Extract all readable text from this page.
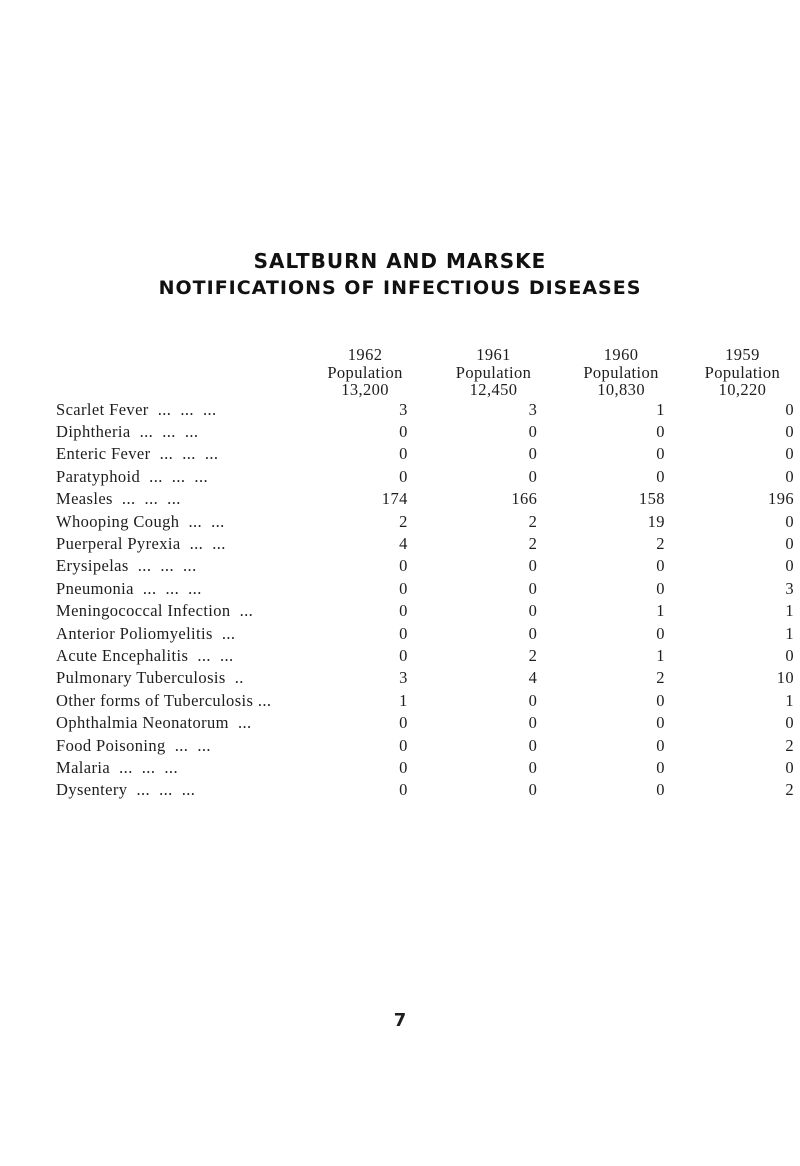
SALTBURN AND MARSKE
NOTIFICATIONS OF INFECTIOUS DISEASES
	1962	1961	1960	1959
	Population	Population	Population	Population
	13,200	12,450	10,830	10,220
Scarlet Fever  ...  ...  ...	3	3	1	0
Diphtheria  ...  ...  ...	0	0	0	0
Enteric Fever  ...  ...  ...	0	0	0	0
Paratyphoid  ...  ...  ...	0	0	0	0
Measles  ...  ...  ...	174	166	158	196
Whooping Cough  ...  ...	2	2	19	0
Puerperal Pyrexia  ...  ...	4	2	2	0
Erysipelas  ...  ...  ...	0	0	0	0
Pneumonia  ...  ...  ...	0	0	0	3
Meningococcal Infection  ...	0	0	1	1
Anterior Poliomyelitis  ...	0	0	0	1
Acute Encephalitis  ...  ...	0	2	1	0
Pulmonary Tuberculosis  ..	3	4	2	10
Other forms of Tuberculosis ...	1	0	0	1
Ophthalmia Neonatorum  ...	0	0	0	0
Food Poisoning  ...  ...	0	0	0	2
Malaria  ...  ...  ...	0	0	0	0
Dysentery  ...  ...  ...	0	0	0	2
7
